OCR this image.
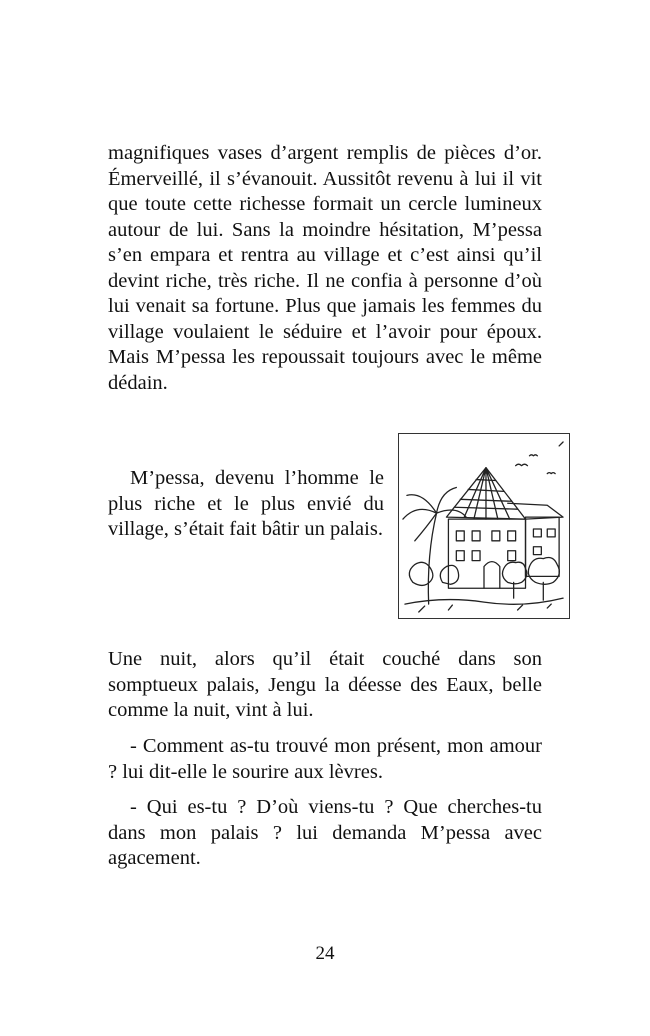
magnifiques vases d’argent remplis de pièces d’or. Émerveillé, il s’évanouit. Aussitôt revenu à lui il vit que toute cette richesse formait un cercle lumineux autour de lui. Sans la moindre hésitation, M’pessa s’en empara et rentra au village et c’est ainsi qu’il devint riche, très riche. Il ne confia à personne d’où lui venait sa fortune. Plus que jamais les femmes du village voulaient le séduire et l’avoir pour époux. Mais M’pessa les repoussait toujours avec le même dédain.

M’pessa, devenu l’homme le plus riche et le plus envié du village, s’était fait bâtir un palais.

Une nuit, alors qu’il était couché dans son somptueux palais, Jengu la déesse des Eaux, belle comme la nuit, vint à lui.

- Comment as-tu trouvé mon présent, mon amour ? lui dit-elle le sourire aux lèvres.

- Qui es-tu ? D’où viens-tu ? Que cherches-tu dans mon palais ? lui demanda M’pessa avec agacement.

24
